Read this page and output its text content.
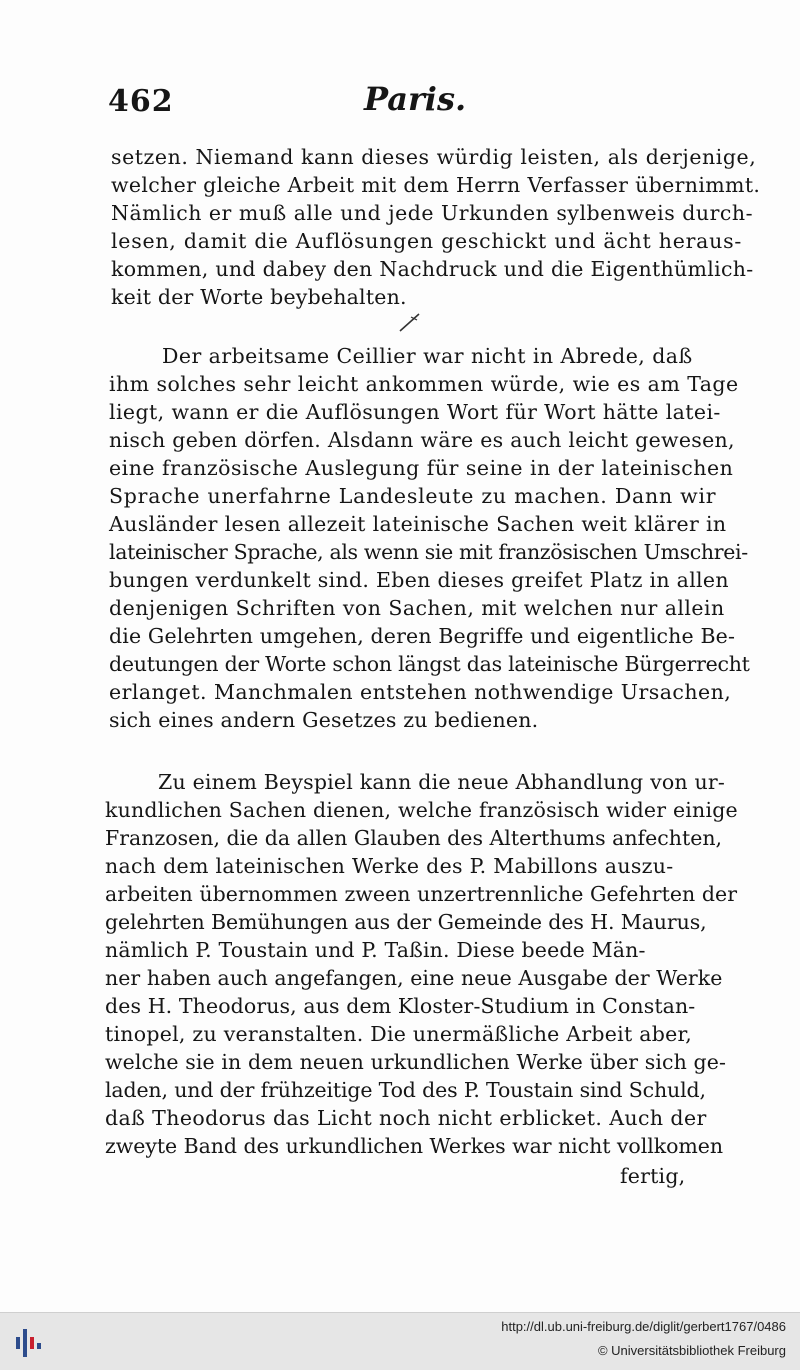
462	Paris.
setzen. Niemand kann dieses würdig leisten, als derjenige,
welcher gleiche Arbeit mit dem Herrn Verfasser übernimmt.
Nämlich er muß alle und jede Urkunden sylbenweis durch-
lesen, damit die Auflösungen geschickt und ächt heraus-
kommen, und dabey den Nachdruck und die Eigenthümlich-
keit der Worte beybehalten.
Der arbeitsame Ceillier war nicht in Abrede, daß
ihm solches sehr leicht ankommen würde, wie es am Tage
liegt, wann er die Auflösungen Wort für Wort hätte latei-
nisch geben dörfen. Alsdann wäre es auch leicht gewesen,
eine französische Auslegung für seine in der lateinischen
Sprache unerfahrne Landesleute zu machen. Dann wir
Ausländer lesen allezeit lateinische Sachen weit klärer in
lateinischer Sprache, als wenn sie mit französischen Umschrei-
bungen verdunkelt sind. Eben dieses greifet Platz in allen
denjenigen Schriften von Sachen, mit welchen nur allein
die Gelehrten umgehen, deren Begriffe und eigentliche Be-
deutungen der Worte schon längst das lateinische Bürgerrecht
erlanget. Manchmalen entstehen nothwendige Ursachen,
sich eines andern Gesetzes zu bedienen.
Zu einem Beyspiel kann die neue Abhandlung von ur-
kundlichen Sachen dienen, welche französisch wider einige
Franzosen, die da allen Glauben des Alterthums anfechten,
nach dem lateinischen Werke des P. Mabillons auszu-
arbeiten übernommen zween unzertrennliche Gefehrten der
gelehrten Bemühungen aus der Gemeinde des H. Maurus,
nämlich P. Toustain und P. Taßin. Diese beede Män-
ner haben auch angefangen, eine neue Ausgabe der Werke
des H. Theodorus, aus dem Kloster-Studium in Constan-
tinopel, zu veranstalten. Die unermäßliche Arbeit aber,
welche sie in dem neuen urkundlichen Werke über sich ge-
laden, und der frühzeitige Tod des P. Toustain sind Schuld,
daß Theodorus das Licht noch nicht erblicket. Auch der
zweyte Band des urkundlichen Werkes war nicht vollkomen
fertig,
http://dl.ub.uni-freiburg.de/diglit/gerbert1767/0486
© Universitätsbibliothek Freiburg
